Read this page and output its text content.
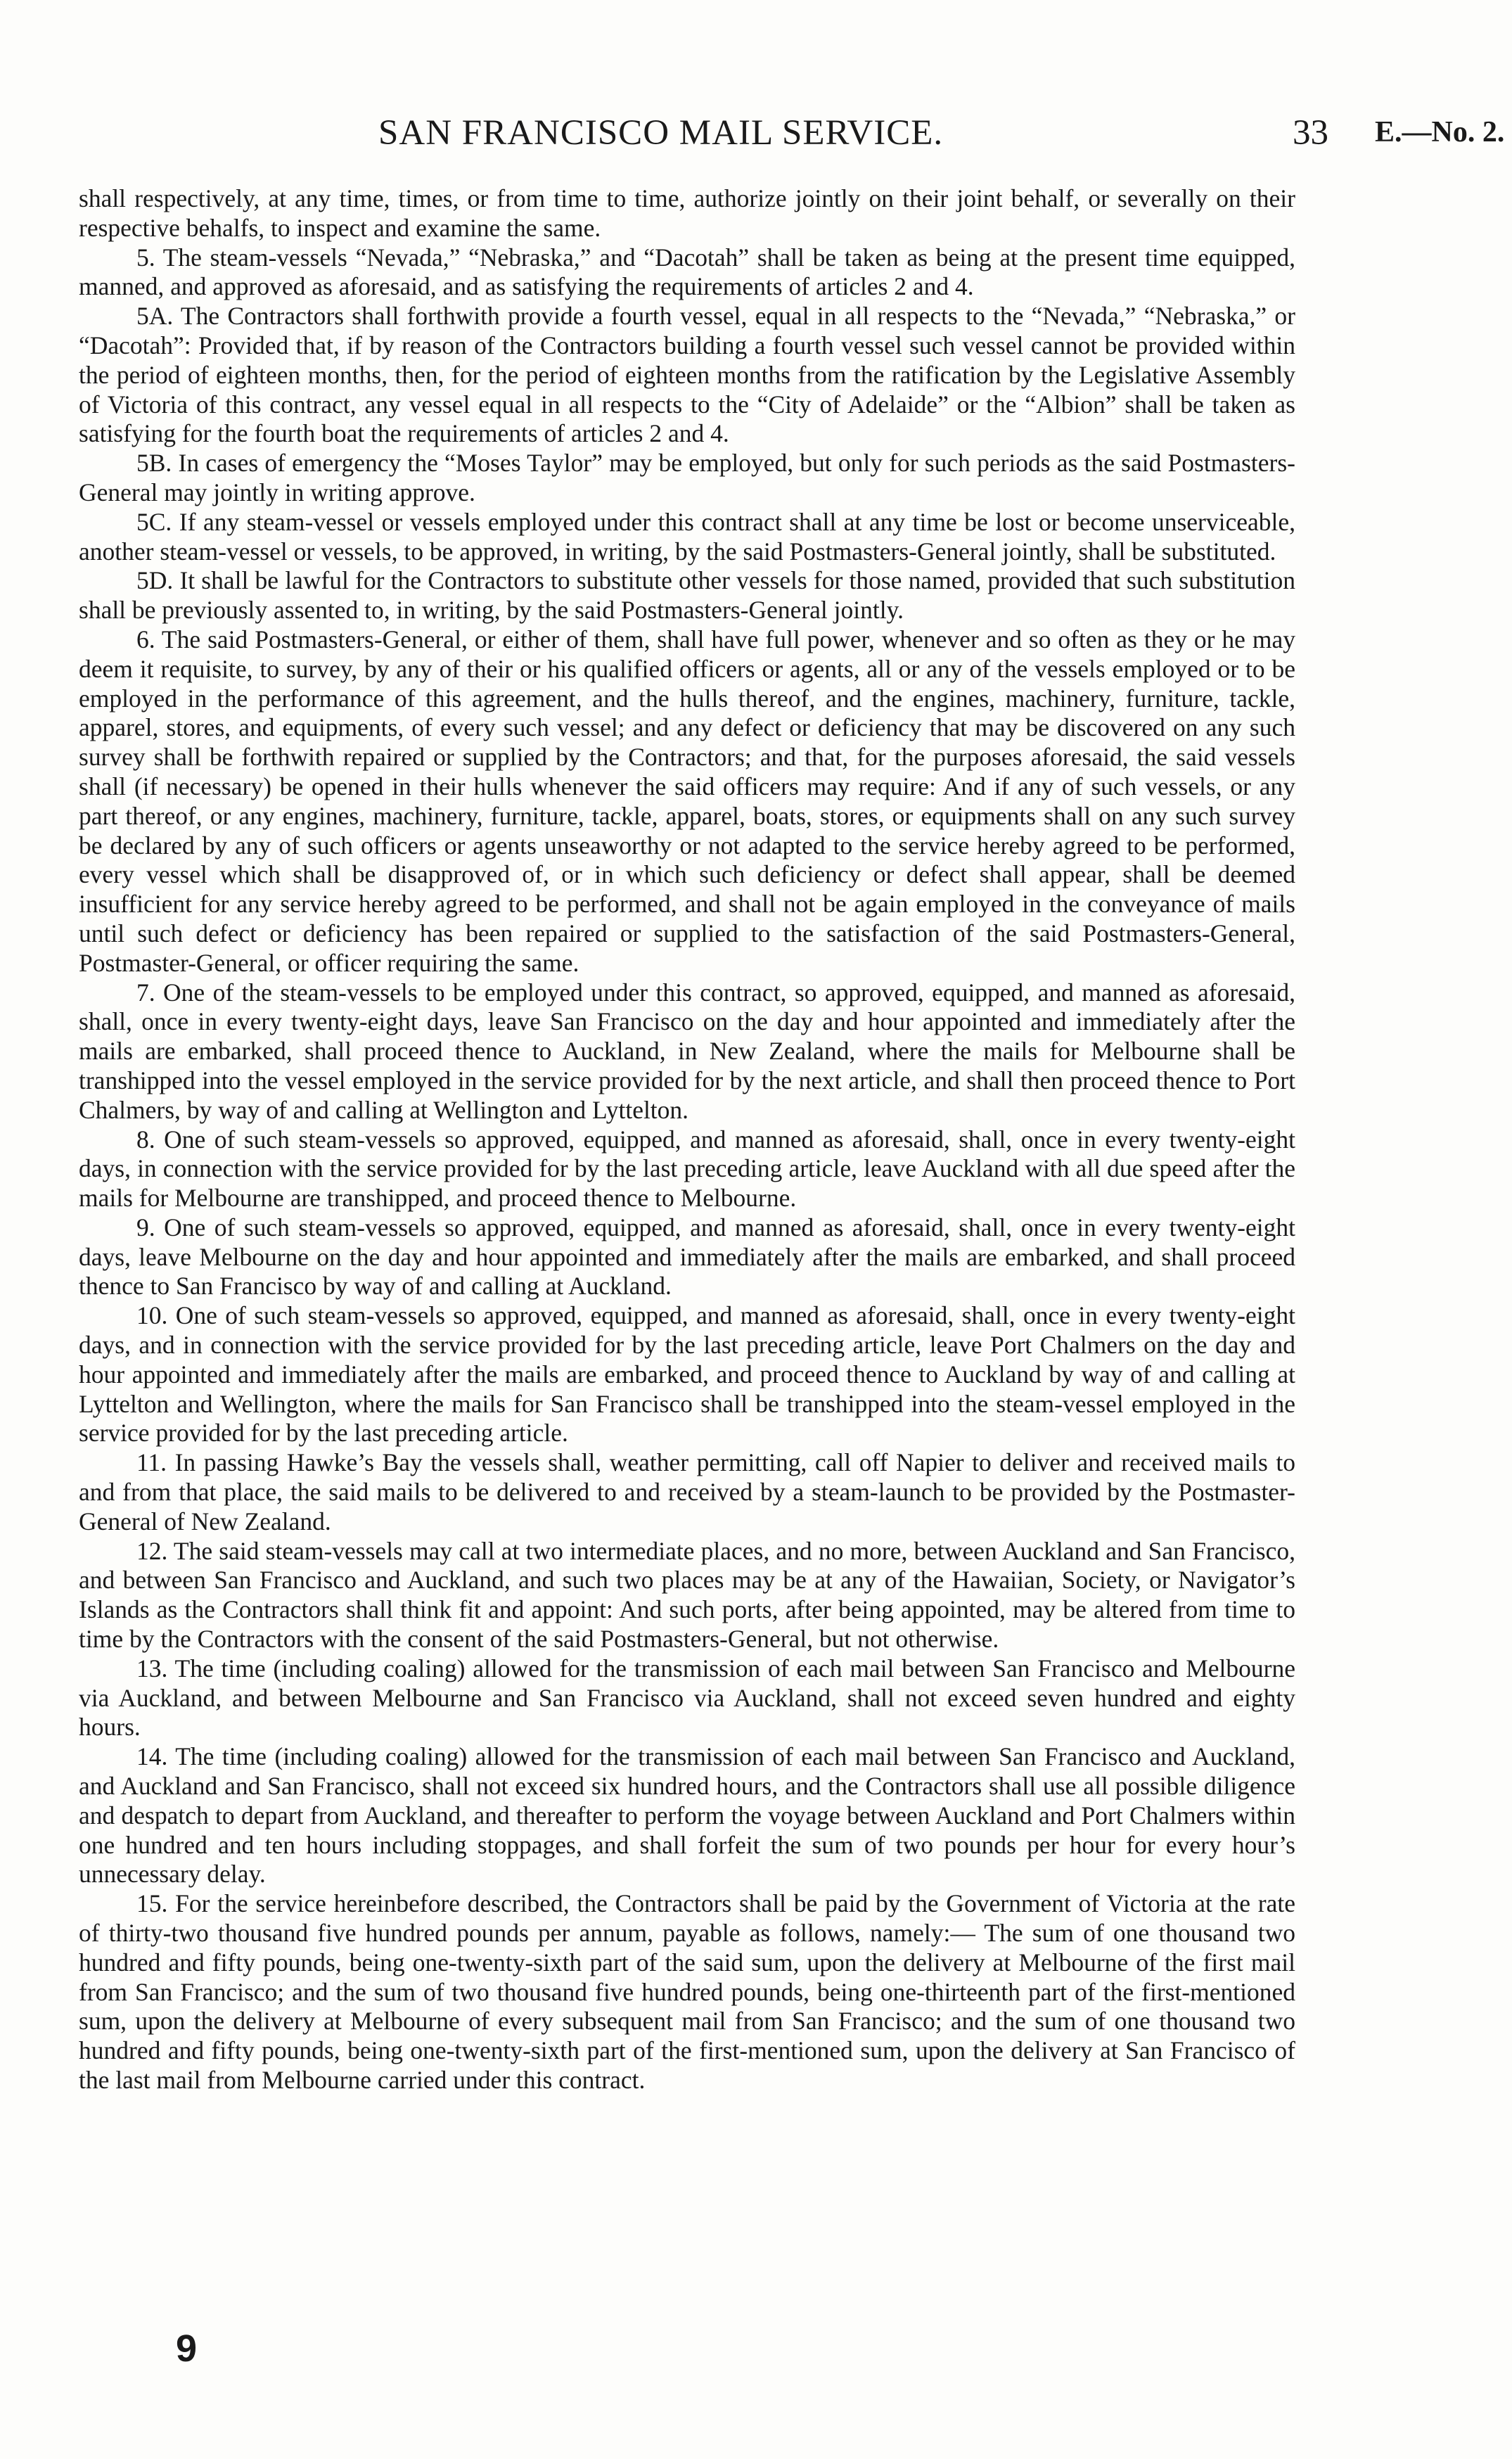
SAN FRANCISCO MAIL SERVICE.	33 E.—No. 2.

shall respectively, at any time, times, or from time to time, authorize jointly on their joint behalf, or severally on their respective behalfs, to inspect and examine the same.

5. The steam-vessels “Nevada,” “Nebraska,” and “Dacotah” shall be taken as being at the present time equipped, manned, and approved as aforesaid, and as satisfying the requirements of articles 2 and 4.

5A. The Contractors shall forthwith provide a fourth vessel, equal in all respects to the “Nevada,” “Nebraska,” or “Dacotah”: Provided that, if by reason of the Contractors building a fourth vessel such vessel cannot be provided within the period of eighteen months, then, for the period of eighteen months from the ratification by the Legislative Assembly of Victoria of this contract, any vessel equal in all respects to the “City of Adelaide” or the “Albion” shall be taken as satisfying for the fourth boat the requirements of articles 2 and 4.

5B. In cases of emergency the “Moses Taylor” may be employed, but only for such periods as the said Postmasters-General may jointly in writing approve.

5C. If any steam-vessel or vessels employed under this contract shall at any time be lost or become unserviceable, another steam-vessel or vessels, to be approved, in writing, by the said Postmasters-General jointly, shall be substituted.

5D. It shall be lawful for the Contractors to substitute other vessels for those named, provided that such substitution shall be previously assented to, in writing, by the said Postmasters-General jointly.

6. The said Postmasters-General, or either of them, shall have full power, whenever and so often as they or he may deem it requisite, to survey, by any of their or his qualified officers or agents, all or any of the vessels employed or to be employed in the performance of this agreement, and the hulls thereof, and the engines, machinery, furniture, tackle, apparel, stores, and equipments, of every such vessel; and any defect or deficiency that may be discovered on any such survey shall be forthwith repaired or supplied by the Contractors; and that, for the purposes aforesaid, the said vessels shall (if necessary) be opened in their hulls whenever the said officers may require: And if any of such vessels, or any part thereof, or any engines, machinery, furniture, tackle, apparel, boats, stores, or equipments shall on any such survey be declared by any of such officers or agents unseaworthy or not adapted to the service hereby agreed to be performed, every vessel which shall be disapproved of, or in which such deficiency or defect shall appear, shall be deemed insufficient for any service hereby agreed to be performed, and shall not be again employed in the conveyance of mails until such defect or deficiency has been repaired or supplied to the satisfaction of the said Postmasters-General, Postmaster-General, or officer requiring the same.

7. One of the steam-vessels to be employed under this contract, so approved, equipped, and manned as aforesaid, shall, once in every twenty-eight days, leave San Francisco on the day and hour appointed and immediately after the mails are embarked, shall proceed thence to Auckland, in New Zealand, where the mails for Melbourne shall be transhipped into the vessel employed in the service provided for by the next article, and shall then proceed thence to Port Chalmers, by way of and calling at Wellington and Lyttelton.

8. One of such steam-vessels so approved, equipped, and manned as aforesaid, shall, once in every twenty-eight days, in connection with the service provided for by the last preceding article, leave Auckland with all due speed after the mails for Melbourne are transhipped, and proceed thence to Melbourne.

9. One of such steam-vessels so approved, equipped, and manned as aforesaid, shall, once in every twenty-eight days, leave Melbourne on the day and hour appointed and immediately after the mails are embarked, and shall proceed thence to San Francisco by way of and calling at Auckland.

10. One of such steam-vessels so approved, equipped, and manned as aforesaid, shall, once in every twenty-eight days, and in connection with the service provided for by the last preceding article, leave Port Chalmers on the day and hour appointed and immediately after the mails are embarked, and proceed thence to Auckland by way of and calling at Lyttelton and Wellington, where the mails for San Francisco shall be transhipped into the steam-vessel employed in the service provided for by the last preceding article.

11. In passing Hawke’s Bay the vessels shall, weather permitting, call off Napier to deliver and received mails to and from that place, the said mails to be delivered to and received by a steam-launch to be provided by the Postmaster-General of New Zealand.

12. The said steam-vessels may call at two intermediate places, and no more, between Auckland and San Francisco, and between San Francisco and Auckland, and such two places may be at any of the Hawaiian, Society, or Navigator’s Islands as the Contractors shall think fit and appoint: And such ports, after being appointed, may be altered from time to time by the Contractors with the consent of the said Postmasters-General, but not otherwise.

13. The time (including coaling) allowed for the transmission of each mail between San Francisco and Melbourne via Auckland, and between Melbourne and San Francisco via Auckland, shall not exceed seven hundred and eighty hours.

14. The time (including coaling) allowed for the transmission of each mail between San Francisco and Auckland, and Auckland and San Francisco, shall not exceed six hundred hours, and the Contractors shall use all possible diligence and despatch to depart from Auckland, and thereafter to perform the voyage between Auckland and Port Chalmers within one hundred and ten hours including stoppages, and shall forfeit the sum of two pounds per hour for every hour’s unnecessary delay.

15. For the service hereinbefore described, the Contractors shall be paid by the Government of Victoria at the rate of thirty-two thousand five hundred pounds per annum, payable as follows, namely:— The sum of one thousand two hundred and fifty pounds, being one-twenty-sixth part of the said sum, upon the delivery at Melbourne of the first mail from San Francisco; and the sum of two thousand five hundred pounds, being one-thirteenth part of the first-mentioned sum, upon the delivery at Melbourne of every subsequent mail from San Francisco; and the sum of one thousand two hundred and fifty pounds, being one-twenty-sixth part of the first-mentioned sum, upon the delivery at San Francisco of the last mail from Melbourne carried under this contract.

9
